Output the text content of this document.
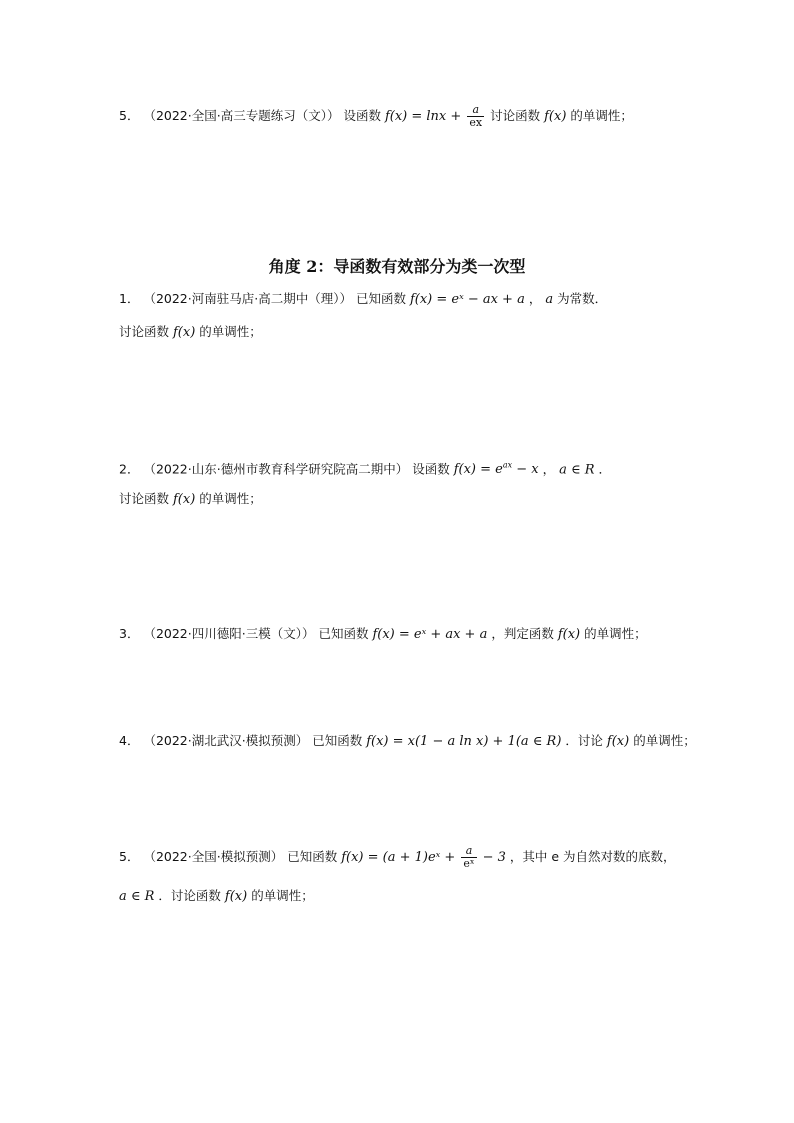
5． （2022·全国·高三专题练习（文）） 设函数 $f(x) = \ln x + \frac{a}{ex}$ 讨论函数 f(x) 的单调性；
角度 2：导函数有效部分为类一次型
1． （2022·河南驻马店·高二期中（理）） 已知函数 f(x) = eˣ − ax + a ， a 为常数．
讨论函数 f(x) 的单调性；
2． （2022·山东·德州市教育科学研究院高二期中） 设函数 $f(x) = e^{ax} - x$ ， a ∈ R ．
讨论函数 f(x) 的单调性；
3． （2022·四川德阳·三模（文）） 已知函数 f(x) = eˣ + ax + a ，判定函数 f(x) 的单调性；
4． （2022·湖北武汉·模拟预测） 已知函数 f(x) = x(1 − a ln x) + 1(a ∈ R) ．讨论 f(x) 的单调性；
5． （2022·全国·模拟预测） 已知函数 f(x) = (a + 1)eˣ + $\frac{a}{\text{eˣ}} - 3$ ，其中 e 为自然对数的底数，
a ∈ R ．讨论函数 f(x) 的单调性；
